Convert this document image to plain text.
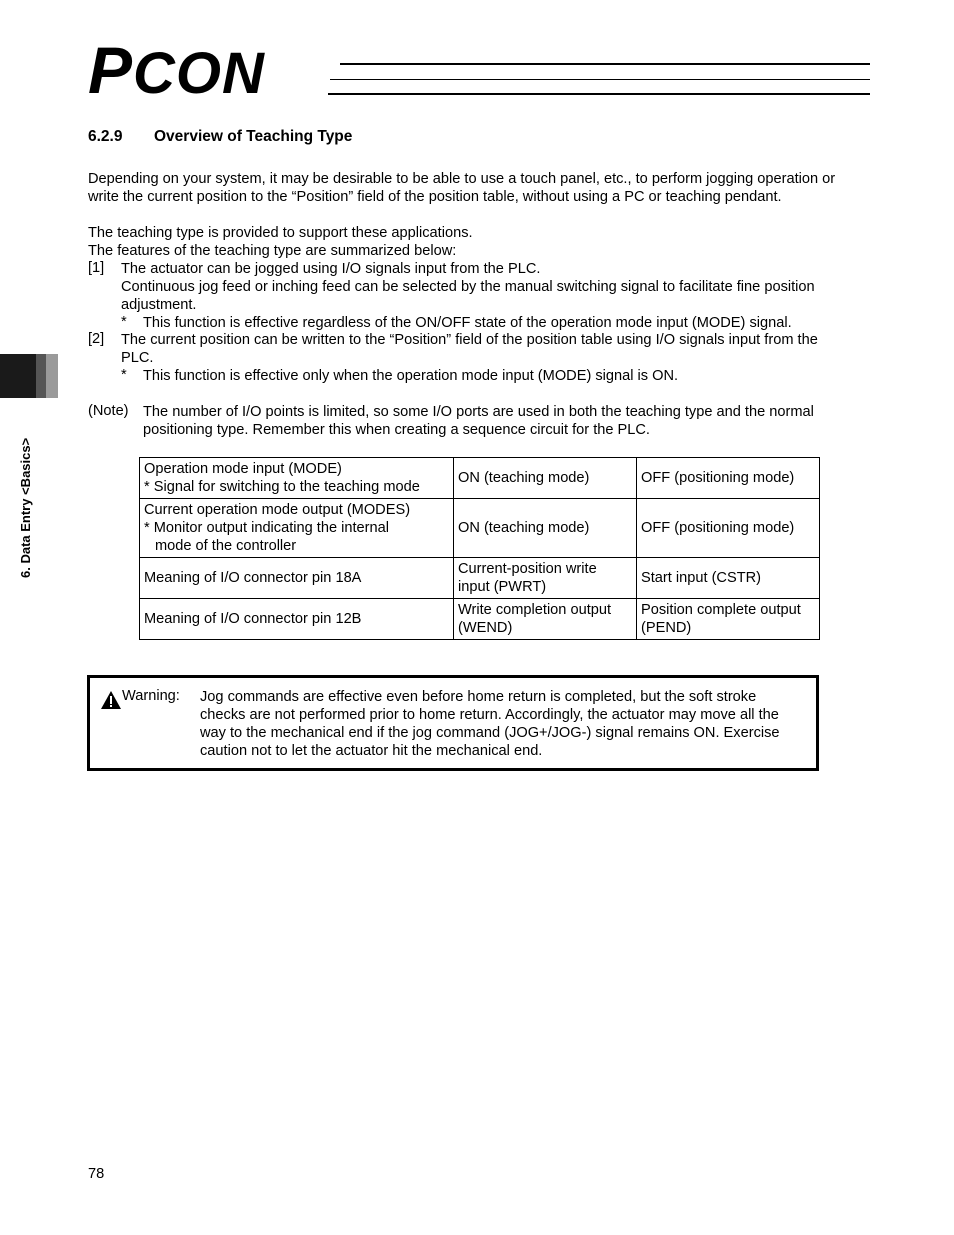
PCON
6.2.9 Overview of Teaching Type
Depending on your system, it may be desirable to be able to use a touch panel, etc., to perform jogging operation or write the current position to the “Position” field of the position table, without using a PC or teaching pendant.
The teaching type is provided to support these applications.
The features of the teaching type are summarized below:
[1] The actuator can be jogged using I/O signals input from the PLC.
Continuous jog feed or inching feed can be selected by the manual switching signal to facilitate fine position adjustment.
* This function is effective regardless of the ON/OFF state of the operation mode input (MODE) signal.
[2] The current position can be written to the “Position” field of the position table using I/O signals input from the PLC.
* This function is effective only when the operation mode input (MODE) signal is ON.
(Note) The number of I/O points is limited, so some I/O ports are used in both the teaching type and the normal positioning type. Remember this when creating a sequence circuit for the PLC.
6. Data Entry <Basics>	Operation mode input (MODE)
* Signal for switching to the teaching mode	ON (teaching mode)	OFF (positioning mode)

Current operation mode output (MODES)
* Monitor output indicating the internal
mode of the controller	ON (teaching mode)	OFF (positioning mode)
Meaning of I/O connector pin 18A	Current-position write input (PWRT)	Start input (CSTR)
Meaning of I/O connector pin 12B	Write completion output (WEND)	Position complete output (PEND)
Warning: Jog commands are effective even before home return is completed, but the soft stroke checks are not performed prior to home return. Accordingly, the actuator may move all the way to the mechanical end if the jog command (JOG+/JOG-) signal remains ON. Exercise caution not to let the actuator hit the mechanical end.
78
